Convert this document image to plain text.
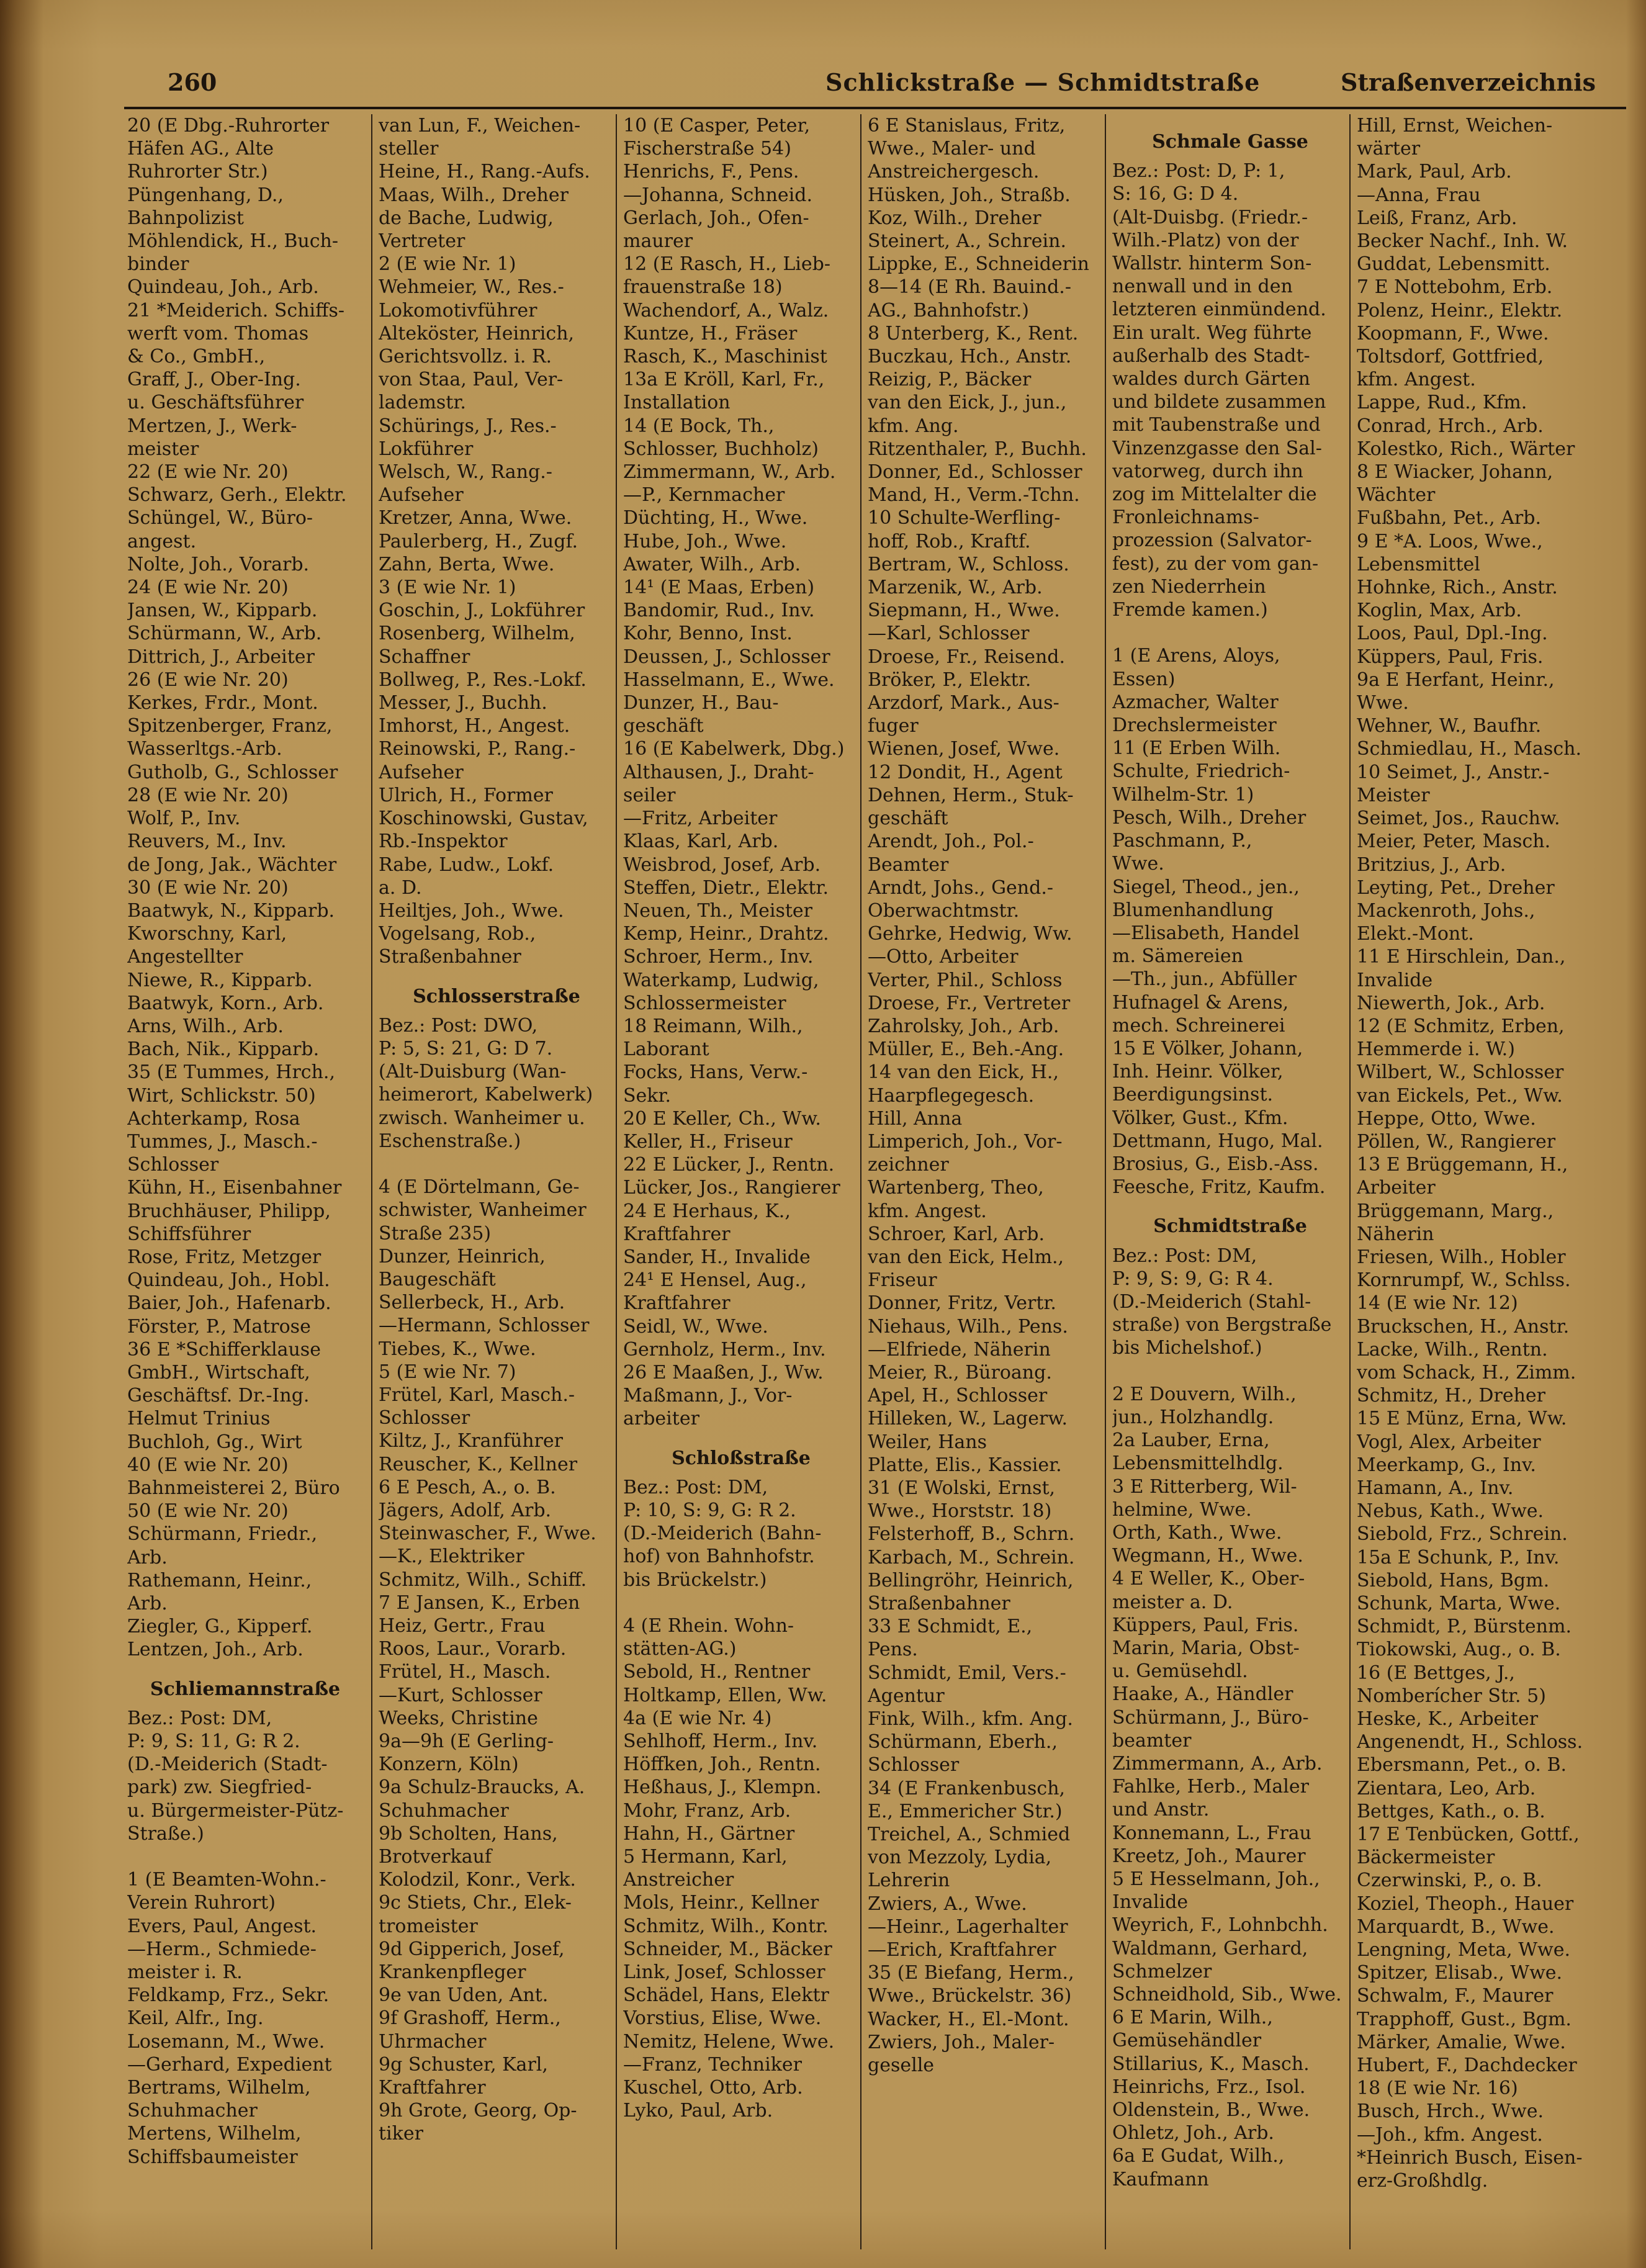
260	Schlickstraße — Schmidtstraße	Straßenverzeichnis
20 (E Dbg.-Ruhrorter
Häfen AG., Alte
Ruhrorter Str.)
Püngenhang, D.,
Bahnpolizist
Möhlendick, H., Buch-
binder
Quindeau, Joh., Arb.
21 *Meiderich. Schiffs-
werft vom. Thomas
& Co., GmbH.,
Graff, J., Ober-Ing.
u. Geschäftsführer
Mertzen, J., Werk-
meister
22 (E wie Nr. 20)
Schwarz, Gerh., Elektr.
Schüngel, W., Büro-
angest.
Nolte, Joh., Vorarb.
24 (E wie Nr. 20)
Jansen, W., Kipparb.
Schürmann, W., Arb.
Dittrich, J., Arbeiter
26 (E wie Nr. 20)
Kerkes, Frdr., Mont.
Spitzenberger, Franz,
Wasserltgs.-Arb.
Gutholb, G., Schlosser
28 (E wie Nr. 20)
Wolf, P., Inv.
Reuvers, M., Inv.
de Jong, Jak., Wächter
30 (E wie Nr. 20)
Baatwyk, N., Kipparb.
Kworschny, Karl,
Angestellter
Niewe, R., Kipparb.
Baatwyk, Korn., Arb.
Arns, Wilh., Arb.
Bach, Nik., Kipparb.
35 (E Tummes, Hrch.,
Wirt, Schlickstr. 50)
Achterkamp, Rosa
Tummes, J., Masch.-
Schlosser
Kühn, H., Eisenbahner
Bruchhäuser, Philipp,
Schiffsführer
Rose, Fritz, Metzger
Quindeau, Joh., Hobl.
Baier, Joh., Hafenarb.
Förster, P., Matrose
36 E *Schifferklause
GmbH., Wirtschaft,
Geschäftsf. Dr.-Ing.
Helmut Trinius
Buchloh, Gg., Wirt
40 (E wie Nr. 20)
Bahnmeisterei 2, Büro
50 (E wie Nr. 20)
Schürmann, Friedr.,
Arb.
Rathemann, Heinr.,
Arb.
Ziegler, G., Kipperf.
Lentzen, Joh., Arb.
Schliemannstraße
Bez.: Post: DM,
P: 9, S: 11, G: R 2.
(D.-Meiderich (Stadt-
park) zw. Siegfried-
u. Bürgermeister-Pütz-
Straße.)

1 (E Beamten-Wohn.-
Verein Ruhrort)
Evers, Paul, Angest.
—Herm., Schmiede-
meister i. R.
Feldkamp, Frz., Sekr.
Keil, Alfr., Ing.
Losemann, M., Wwe.
—Gerhard, Expedient
Bertrams, Wilhelm,
Schuhmacher
Mertens, Wilhelm,
Schiffsbaumeister
van Lun, F., Weichen-
steller
Heine, H., Rang.-Aufs.
Maas, Wilh., Dreher
de Bache, Ludwig,
Vertreter
2 (E wie Nr. 1)
Wehmeier, W., Res.-
Lokomotivführer
Alteköster, Heinrich,
Gerichtsvollz. i. R.
von Staa, Paul, Ver-
lademstr.
Schürings, J., Res.-
Lokführer
Welsch, W., Rang.-
Aufseher
Kretzer, Anna, Wwe.
Paulerberg, H., Zugf.
Zahn, Berta, Wwe.
3 (E wie Nr. 1)
Goschin, J., Lokführer
Rosenberg, Wilhelm,
Schaffner
Bollweg, P., Res.-Lokf.
Messer, J., Buchh.
Imhorst, H., Angest.
Reinowski, P., Rang.-
Aufseher
Ulrich, H., Former
Koschinowski, Gustav,
Rb.-Inspektor
Rabe, Ludw., Lokf.
a. D.
Heiltjes, Joh., Wwe.
Vogelsang, Rob.,
Straßenbahner
Schlosserstraße
Bez.: Post: DWO,
P: 5, S: 21, G: D 7.
(Alt-Duisburg (Wan-
heimerort, Kabelwerk)
zwisch. Wanheimer u.
Eschenstraße.)

4 (E Dörtelmann, Ge-
schwister, Wanheimer
Straße 235)
Dunzer, Heinrich,
Baugeschäft
Sellerbeck, H., Arb.
—Hermann, Schlosser
Tiebes, K., Wwe.
5 (E wie Nr. 7)
Frütel, Karl, Masch.-
Schlosser
Kiltz, J., Kranführer
Reuscher, K., Kellner
6 E Pesch, A., o. B.
Jägers, Adolf, Arb.
Steinwascher, F., Wwe.
—K., Elektriker
Schmitz, Wilh., Schiff.
7 E Jansen, K., Erben
Heiz, Gertr., Frau
Roos, Laur., Vorarb.
Frütel, H., Masch.
—Kurt, Schlosser
Weeks, Christine
9a—9h (E Gerling-
Konzern, Köln)
9a Schulz-Braucks, A.
Schuhmacher
9b Scholten, Hans,
Brotverkauf
Kolodzil, Konr., Verk.
9c Stiets, Chr., Elek-
tromeister
9d Gipperich, Josef,
Krankenpfleger
9e van Uden, Ant.
9f Grashoff, Herm.,
Uhrmacher
9g Schuster, Karl,
Kraftfahrer
9h Grote, Georg, Op-
tiker
10 (E Casper, Peter,
Fischerstraße 54)
Henrichs, F., Pens.
—Johanna, Schneid.
Gerlach, Joh., Ofen-
maurer
12 (E Rasch, H., Lieb-
frauenstraße 18)
Wachendorf, A., Walz.
Kuntze, H., Fräser
Rasch, K., Maschinist
13a E Kröll, Karl, Fr.,
Installation
14 (E Bock, Th.,
Schlosser, Buchholz)
Zimmermann, W., Arb.
—P., Kernmacher
Düchting, H., Wwe.
Hube, Joh., Wwe.
Awater, Wilh., Arb.
14¹ (E Maas, Erben)
Bandomir, Rud., Inv.
Kohr, Benno, Inst.
Deussen, J., Schlosser
Hasselmann, E., Wwe.
Dunzer, H., Bau-
geschäft
16 (E Kabelwerk, Dbg.)
Althausen, J., Draht-
seiler
—Fritz, Arbeiter
Klaas, Karl, Arb.
Weisbrod, Josef, Arb.
Steffen, Dietr., Elektr.
Neuen, Th., Meister
Kemp, Heinr., Drahtz.
Schroer, Herm., Inv.
Waterkamp, Ludwig,
Schlossermeister
18 Reimann, Wilh.,
Laborant
Focks, Hans, Verw.-
Sekr.
20 E Keller, Ch., Ww.
Keller, H., Friseur
22 E Lücker, J., Rentn.
Lücker, Jos., Rangierer
24 E Herhaus, K.,
Kraftfahrer
Sander, H., Invalide
24¹ E Hensel, Aug.,
Kraftfahrer
Seidl, W., Wwe.
Gernholz, Herm., Inv.
26 E Maaßen, J., Ww.
Maßmann, J., Vor-
arbeiter
Schloßstraße
Bez.: Post: DM,
P: 10, S: 9, G: R 2.
(D.-Meiderich (Bahn-
hof) von Bahnhofstr.
bis Brückelstr.)

4 (E Rhein. Wohn-
stätten-AG.)
Sebold, H., Rentner
Holtkamp, Ellen, Ww.
4a (E wie Nr. 4)
Sehlhoff, Herm., Inv.
Höffken, Joh., Rentn.
Heßhaus, J., Klempn.
Mohr, Franz, Arb.
Hahn, H., Gärtner
5 Hermann, Karl,
Anstreicher
Mols, Heinr., Kellner
Schmitz, Wilh., Kontr.
Schneider, M., Bäcker
Link, Josef, Schlosser
Schädel, Hans, Elektr
Vorstius, Elise, Wwe.
Nemitz, Helene, Wwe.
—Franz, Techniker
Kuschel, Otto, Arb.
Lyko, Paul, Arb.
6 E Stanislaus, Fritz,
Wwe., Maler- und
Anstreichergesch.
Hüsken, Joh., Straßb.
Koz, Wilh., Dreher
Steinert, A., Schrein.
Lippke, E., Schneiderin
8—14 (E Rh. Bauind.-
AG., Bahnhofstr.)
8 Unterberg, K., Rent.
Buczkau, Hch., Anstr.
Reizig, P., Bäcker
van den Eick, J., jun.,
kfm. Ang.
Ritzenthaler, P., Buchh.
Donner, Ed., Schlosser
Mand, H., Verm.-Tchn.
10 Schulte-Werfling-
hoff, Rob., Kraftf.
Bertram, W., Schloss.
Marzenik, W., Arb.
Siepmann, H., Wwe.
—Karl, Schlosser
Droese, Fr., Reisend.
Bröker, P., Elektr.
Arzdorf, Mark., Aus-
fuger
Wienen, Josef, Wwe.
12 Dondit, H., Agent
Dehnen, Herm., Stuk-
geschäft
Arendt, Joh., Pol.-
Beamter
Arndt, Johs., Gend.-
Oberwachtmstr.
Gehrke, Hedwig, Ww.
—Otto, Arbeiter
Verter, Phil., Schloss
Droese, Fr., Vertreter
Zahrolsky, Joh., Arb.
Müller, E., Beh.-Ang.
14 van den Eick, H.,
Haarpflegegesch.
Hill, Anna
Limperich, Joh., Vor-
zeichner
Wartenberg, Theo,
kfm. Angest.
Schroer, Karl, Arb.
van den Eick, Helm.,
Friseur
Donner, Fritz, Vertr.
Niehaus, Wilh., Pens.
—Elfriede, Näherin
Meier, R., Büroang.
Apel, H., Schlosser
Hilleken, W., Lagerw.
Weiler, Hans
Platte, Elis., Kassier.
31 (E Wolski, Ernst,
Wwe., Horststr. 18)
Felsterhoff, B., Schrn.
Karbach, M., Schrein.
Bellingröhr, Heinrich,
Straßenbahner
33 E Schmidt, E.,
Pens.
Schmidt, Emil, Vers.-
Agentur
Fink, Wilh., kfm. Ang.
Schürmann, Eberh.,
Schlosser
34 (E Frankenbusch,
E., Emmericher Str.)
Treichel, A., Schmied
von Mezzoly, Lydia,
Lehrerin
Zwiers, A., Wwe.
—Heinr., Lagerhalter
—Erich, Kraftfahrer
35 (E Biefang, Herm.,
Wwe., Brückelstr. 36)
Wacker, H., El.-Mont.
Zwiers, Joh., Maler-
geselle
Schmale Gasse
Bez.: Post: D, P: 1,
S: 16, G: D 4.
(Alt-Duisbg. (Friedr.-
Wilh.-Platz) von der
Wallstr. hinterm Son-
nenwall und in den
letzteren einmündend.
Ein uralt. Weg führte
außerhalb des Stadt-
waldes durch Gärten
und bildete zusammen
mit Taubenstraße und
Vinzenzgasse den Sal-
vatorweg, durch ihn
zog im Mittelalter die
Fronleichnams-
prozession (Salvator-
fest), zu der vom gan-
zen Niederrhein
Fremde kamen.)

1 (E Arens, Aloys,
Essen)
Azmacher, Walter
Drechslermeister
11 (E Erben Wilh.
Schulte, Friedrich-
Wilhelm-Str. 1)
Pesch, Wilh., Dreher
Paschmann, P.,
Wwe.
Siegel, Theod., jen.,
Blumenhandlung
—Elisabeth, Handel
m. Sämereien
—Th., jun., Abfüller
Hufnagel & Arens,
mech. Schreinerei
15 E Völker, Johann,
Inh. Heinr. Völker,
Beerdigungsinst.
Völker, Gust., Kfm.
Dettmann, Hugo, Mal.
Brosius, G., Eisb.-Ass.
Feesche, Fritz, Kaufm.
Schmidtstraße
Bez.: Post: DM,
P: 9, S: 9, G: R 4.
(D.-Meiderich (Stahl-
straße) von Bergstraße
bis Michelshof.)

2 E Douvern, Wilh.,
jun., Holzhandlg.
2a Lauber, Erna,
Lebensmittelhdlg.
3 E Ritterberg, Wil-
helmine, Wwe.
Orth, Kath., Wwe.
Wegmann, H., Wwe.
4 E Weller, K., Ober-
meister a. D.
Küppers, Paul, Fris.
Marin, Maria, Obst-
u. Gemüsehdl.
Haake, A., Händler
Schürmann, J., Büro-
beamter
Zimmermann, A., Arb.
Fahlke, Herb., Maler
und Anstr.
Konnemann, L., Frau
Kreetz, Joh., Maurer
5 E Hesselmann, Joh.,
Invalide
Weyrich, F., Lohnbchh.
Waldmann, Gerhard,
Schmelzer
Schneidhold, Sib., Wwe.
6 E Marin, Wilh.,
Gemüsehändler
Stillarius, K., Masch.
Heinrichs, Frz., Isol.
Oldenstein, B., Wwe.
Ohletz, Joh., Arb.
6a E Gudat, Wilh.,
Kaufmann
Hill, Ernst, Weichen-
wärter
Mark, Paul, Arb.
—Anna, Frau
Leiß, Franz, Arb.
Becker Nachf., Inh. W.
Guddat, Lebensmitt.
7 E Nottebohm, Erb.
Polenz, Heinr., Elektr.
Koopmann, F., Wwe.
Toltsdorf, Gottfried,
kfm. Angest.
Lappe, Rud., Kfm.
Conrad, Hrch., Arb.
Kolestko, Rich., Wärter
8 E Wiacker, Johann,
Wächter
Fußbahn, Pet., Arb.
9 E *A. Loos, Wwe.,
Lebensmittel
Hohnke, Rich., Anstr.
Koglin, Max, Arb.
Loos, Paul, Dpl.-Ing.
Küppers, Paul, Fris.
9a E Herfant, Heinr.,
Wwe.
Wehner, W., Baufhr.
Schmiedlau, H., Masch.
10 Seimet, J., Anstr.-
Meister
Seimet, Jos., Rauchw.
Meier, Peter, Masch.
Britzius, J., Arb.
Leyting, Pet., Dreher
Mackenroth, Johs.,
Elekt.-Mont.
11 E Hirschlein, Dan.,
Invalide
Niewerth, Jok., Arb.
12 (E Schmitz, Erben,
Hemmerde i. W.)
Wilbert, W., Schlosser
van Eickels, Pet., Ww.
Heppe, Otto, Wwe.
Pöllen, W., Rangierer
13 E Brüggemann, H.,
Arbeiter
Brüggemann, Marg.,
Näherin
Friesen, Wilh., Hobler
Kornrumpf, W., Schlss.
14 (E wie Nr. 12)
Bruckschen, H., Anstr.
Lacke, Wilh., Rentn.
vom Schack, H., Zimm.
Schmitz, H., Dreher
15 E Münz, Erna, Ww.
Vogl, Alex, Arbeiter
Meerkamp, G., Inv.
Hamann, A., Inv.
Nebus, Kath., Wwe.
Siebold, Frz., Schrein.
15a E Schunk, P., Inv.
Siebold, Hans, Bgm.
Schunk, Marta, Wwe.
Schmidt, P., Bürstenm.
Tiokowski, Aug., o. B.
16 (E Bettges, J.,
Nomberícher Str. 5)
Heske, K., Arbeiter
Angenendt, H., Schloss.
Ebersmann, Pet., o. B.
Zientara, Leo, Arb.
Bettges, Kath., o. B.
17 E Tenbücken, Gottf.,
Bäckermeister
Czerwinski, P., o. B.
Koziel, Theoph., Hauer
Marquardt, B., Wwe.
Lengning, Meta, Wwe.
Spitzer, Elisab., Wwe.
Schwalm, F., Maurer
Trapphoff, Gust., Bgm.
Märker, Amalie, Wwe.
Hubert, F., Dachdecker
18 (E wie Nr. 16)
Busch, Hrch., Wwe.
—Joh., kfm. Angest.
*Heinrich Busch, Eisen-
erz-Großhdlg.
